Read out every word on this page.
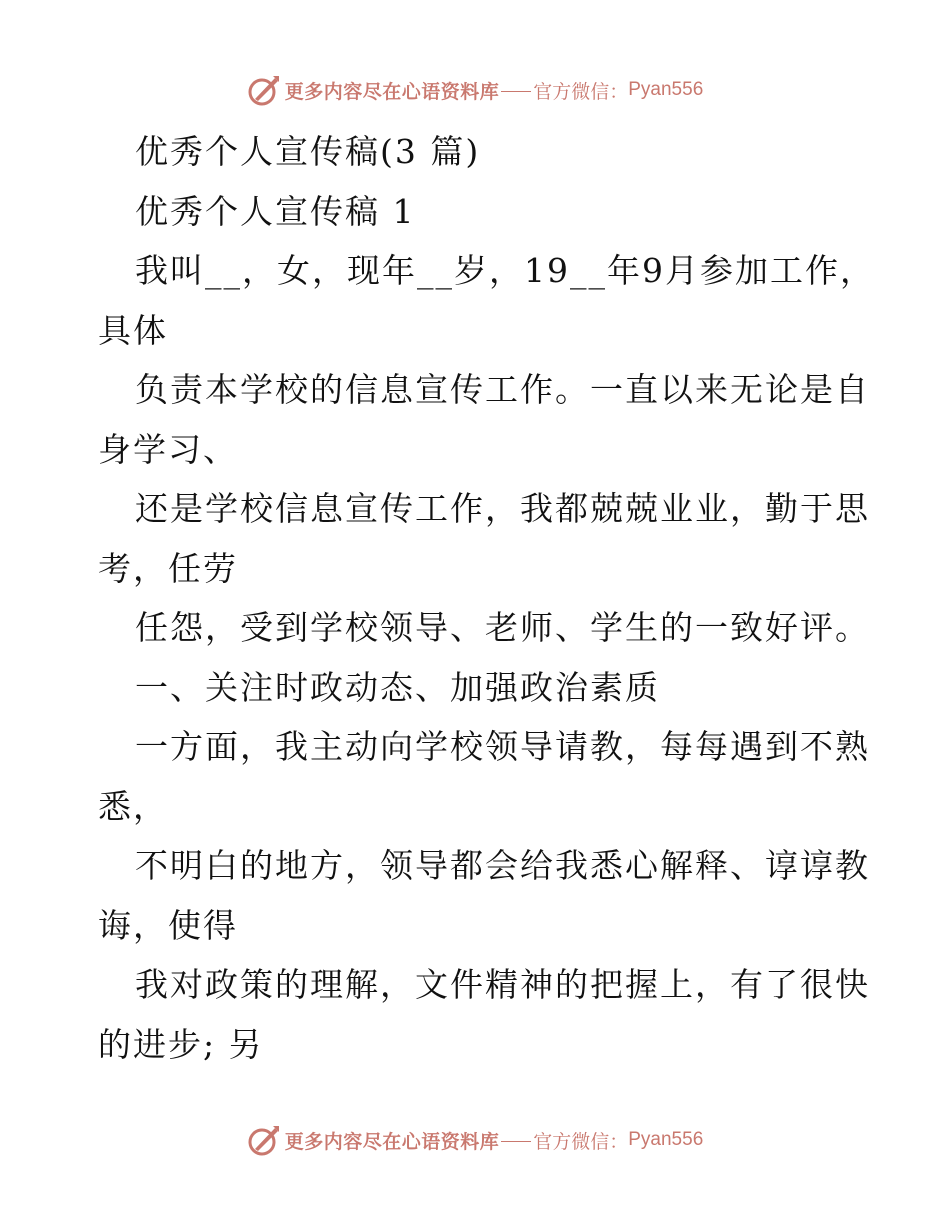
更多内容尽在心语资料库 官方微信： Pyan556
优秀个人宣传稿(3 篇)
优秀个人宣传稿 1
我叫__，女，现年__岁，19__年9月参加工作，
具体
负责本学校的信息宣传工作。一直以来无论是自
身学习、
还是学校信息宣传工作，我都兢兢业业，勤于思
考，任劳
任怨，受到学校领导、老师、学生的一致好评。
一、关注时政动态、加强政治素质
一方面，我主动向学校领导请教，每每遇到不熟
悉，
不明白的地方，领导都会给我悉心解释、谆谆教
诲，使得
我对政策的理解，文件精神的把握上，有了很快
的进步; 另
更多内容尽在心语资料库 官方微信： Pyan556
